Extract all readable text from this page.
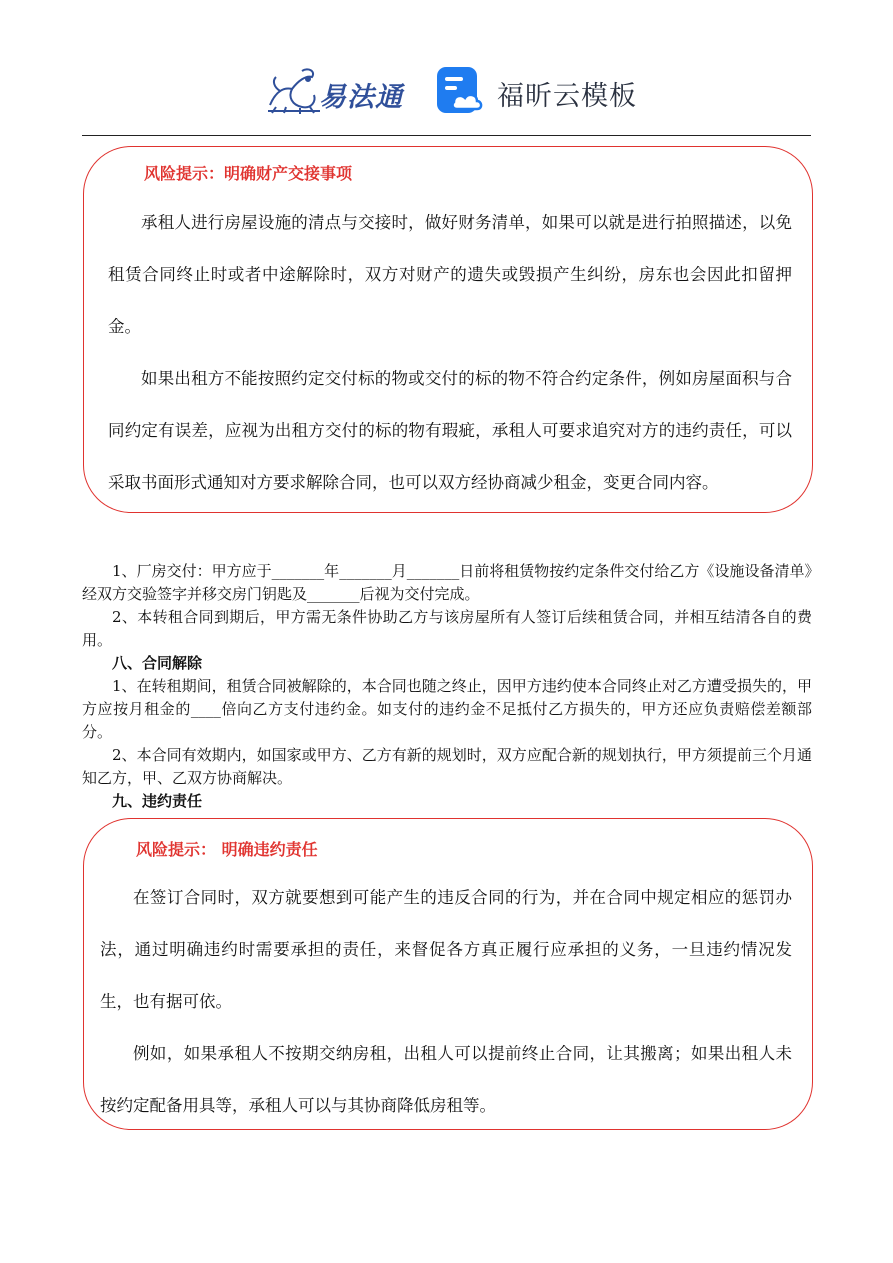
易法通	福昕云模板
风险提示：明确财产交接事项

承租人进行房屋设施的清点与交接时，做好财务清单，如果可以就是进行拍照描述，以免租赁合同终止时或者中途解除时，双方对财产的遗失或毁损产生纠纷，房东也会因此扣留押金。

如果出租方不能按照约定交付标的物或交付的标的物不符合约定条件，例如房屋面积与合同约定有误差，应视为出租方交付的标的物有瑕疵，承租人可要求追究对方的违约责任，可以采取书面形式通知对方要求解除合同，也可以双方经协商减少租金，变更合同内容。

1、厂房交付：甲方应于_______年_______月_______日前将租赁物按约定条件交付给乙方《设施设备清单》经双方交验签字并移交房门钥匙及_______后视为交付完成。

2、本转租合同到期后，甲方需无条件协助乙方与该房屋所有人签订后续租赁合同，并相互结清各自的费用。

八、合同解除

1、在转租期间，租赁合同被解除的，本合同也随之终止，因甲方违约使本合同终止对乙方遭受损失的，甲方应按月租金的____倍向乙方支付违约金。如支付的违约金不足抵付乙方损失的，甲方还应负责赔偿差额部分。

2、本合同有效期内，如国家或甲方、乙方有新的规划时，双方应配合新的规划执行，甲方须提前三个月通知乙方，甲、乙双方协商解决。

九、违约责任

风险提示： 明确违约责任

在签订合同时，双方就要想到可能产生的违反合同的行为，并在合同中规定相应的惩罚办法，通过明确违约时需要承担的责任，来督促各方真正履行应承担的义务，一旦违约情况发生，也有据可依。

例如，如果承租人不按期交纳房租，出租人可以提前终止合同，让其搬离；如果出租人未按约定配备用具等，承租人可以与其协商降低房租等。
